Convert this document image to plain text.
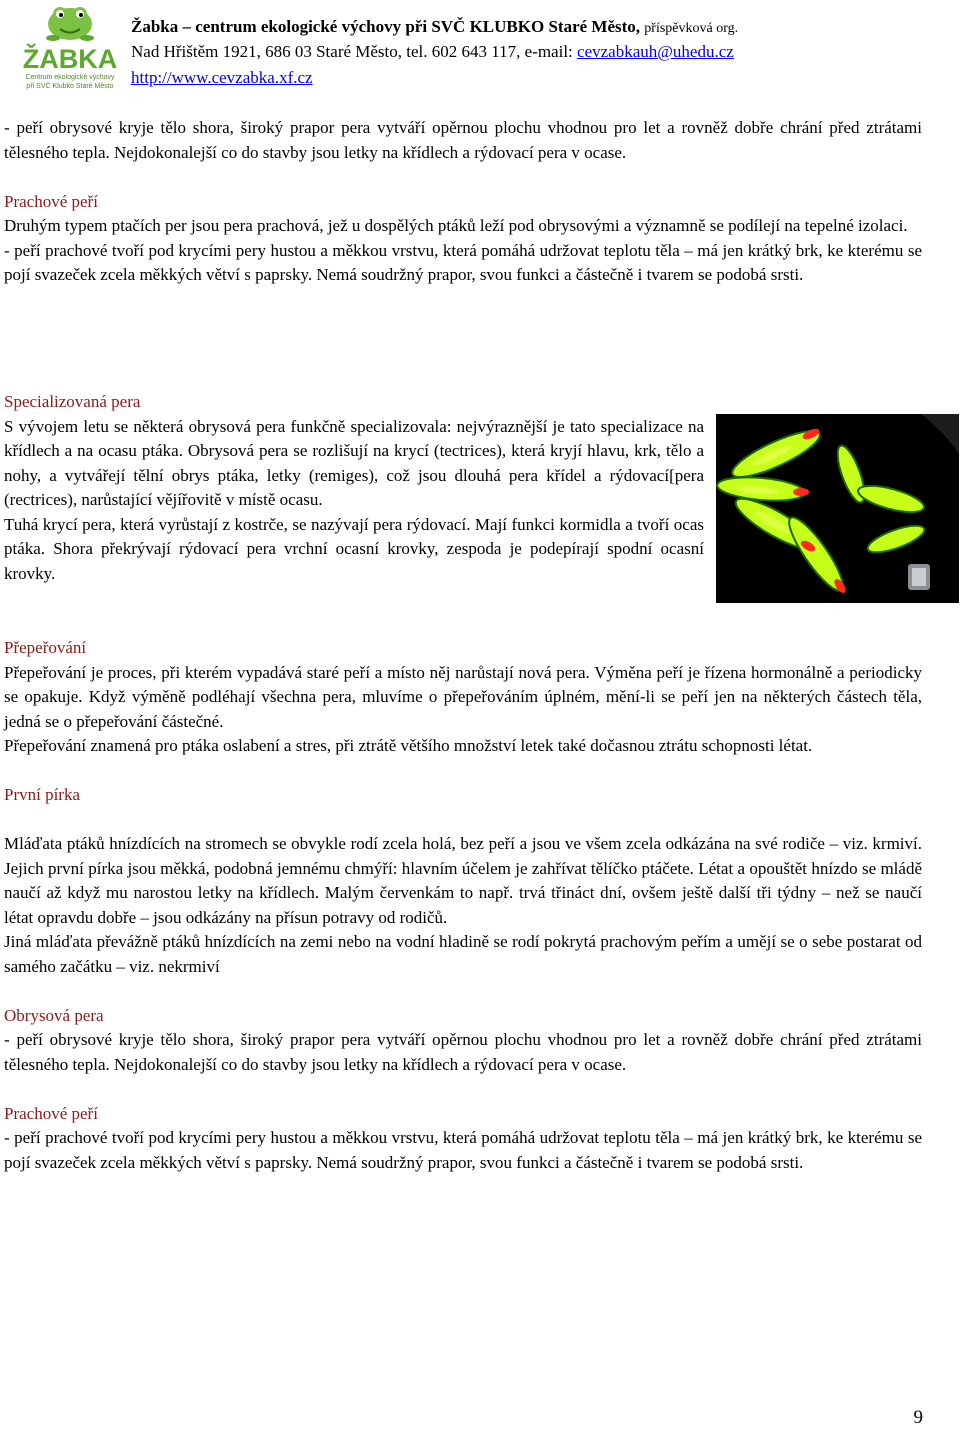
ŽABKA
Centrum ekologické výchovy
při SVČ Klubko Staré Město
Žabka – centrum ekologické výchovy při SVČ KLUBKO Staré Město, příspěvková org.
Nad Hřištěm 1921, 686 03 Staré Město, tel. 602 643 117, e-mail: cevzabkauh@uhedu.cz
http://www.cevzabka.xf.cz

- peří obrysové kryje tělo shora, široký prapor pera vytváří opěrnou plochu vhodnou pro let a rovněž dobře chrání před ztrátami tělesného tepla. Nejdokonalejší co do stavby jsou letky na křídlech a rýdovací pera v ocase.

Prachové peří

Druhým typem ptačích per jsou pera prachová, jež u dospělých ptáků leží pod obrysovými a významně se podílejí na tepelné izolaci.

- peří prachové tvoří pod krycími pery hustou a měkkou vrstvu, která pomáhá udržovat teplotu těla – má jen krátký brk, ke kterému se pojí svazeček zcela měkkých větví s paprsky. Nemá soudržný prapor, svou funkci a částečně i tvarem se podobá srsti.

Specializovaná pera

S vývojem letu se některá obrysová pera funkčně specializovala: nejvýraznější je tato specializace na křídlech a na ocasu ptáka. Obrysová pera se rozlišují na krycí (tectrices), která kryjí hlavu, krk, tělo a nohy, a vytvářejí tělní obrys ptáka, letky (remiges), což jsou dlouhá pera křídel a rýdovací[pera (rectrices), narůstající vějířovitě v místě ocasu.

Tuhá krycí pera, která vyrůstají z kostrče, se nazývají pera rýdovací. Mají funkci kormidla a tvoří ocas ptáka. Shora překrývají rýdovací pera vrchní ocasní krovky, zespoda je podepírají spodní ocasní krovky.

Přepeřování

Přepeřování je proces, při kterém vypadává staré peří a místo něj narůstají nová pera. Výměna peří je řízena hormonálně a periodicky se opakuje. Když výměně podléhají všechna pera, mluvíme o přepeřováním úplném, mění-li se peří jen na některých částech těla, jedná se o přepeřování částečné.

Přepeřování znamená pro ptáka oslabení a stres, při ztrátě většího množství letek také dočasnou ztrátu schopnosti létat.

První pírka

Mláďata ptáků hnízdících na stromech se obvykle rodí zcela holá, bez peří a jsou ve všem zcela odkázána na své rodiče – viz. krmiví. Jejich první pírka jsou měkká, podobná jemnému chmýří: hlavním účelem je zahřívat tělíčko ptáčete. Létat a opouštět hnízdo se mládě naučí až když mu narostou letky na křídlech. Malým červenkám to např. trvá třináct dní, ovšem ještě další tři týdny – než se naučí létat opravdu dobře – jsou odkázány na přísun potravy od rodičů.

Jiná mláďata převážně ptáků hnízdících na zemi nebo na vodní hladině se rodí pokrytá prachovým peřím a umějí se o sebe postarat od samého začátku – viz. nekrmiví

Obrysová pera

- peří obrysové kryje tělo shora, široký prapor pera vytváří opěrnou plochu vhodnou pro let a rovněž dobře chrání před ztrátami tělesného tepla. Nejdokonalejší co do stavby jsou letky na křídlech a rýdovací pera v ocase.

Prachové peří

- peří prachové tvoří pod krycími pery hustou a měkkou vrstvu, která pomáhá udržovat teplotu těla – má jen krátký brk, ke kterému se pojí svazeček zcela měkkých větví s paprsky. Nemá soudržný prapor, svou funkci a částečně i tvarem se podobá srsti.

9
